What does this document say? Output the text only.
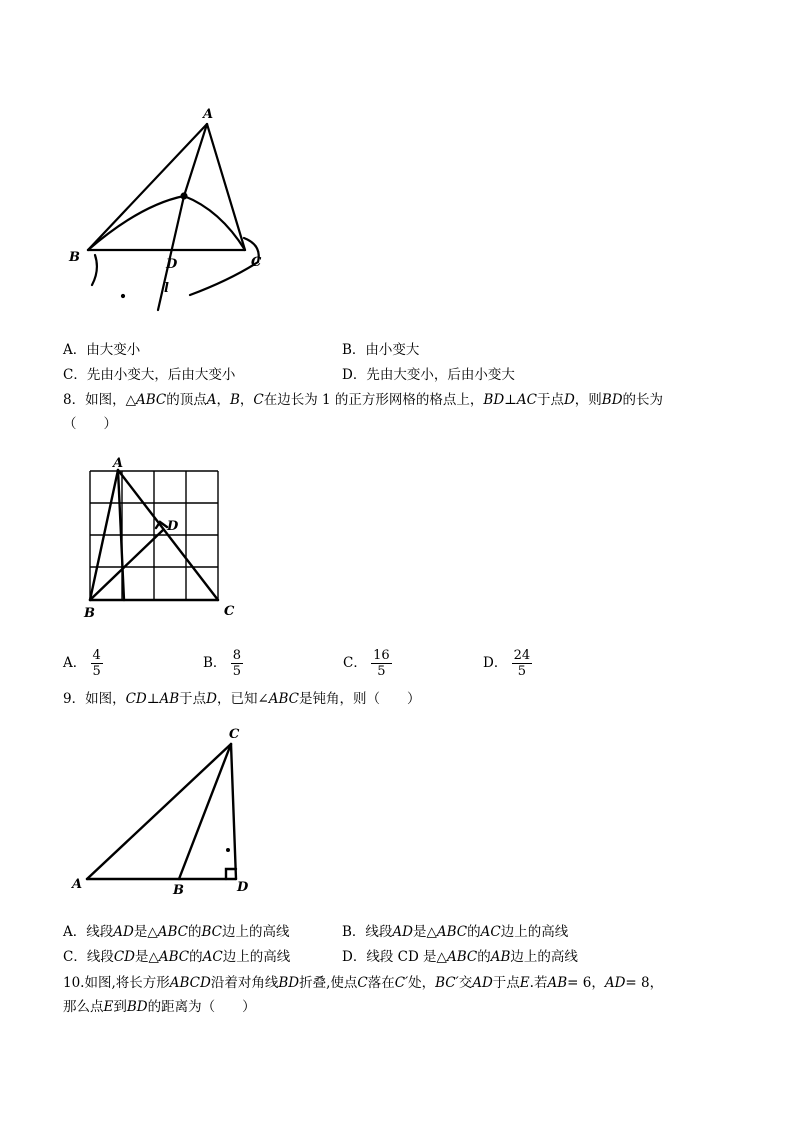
A
B	C
D
l
A．由大变小	B．由小变大
C．先由小变大，后由大变小	D．先由大变小，后由小变大
8．如图，△ABC的顶点A，B，C在边长为 1 的正方形网格的格点上，BD⊥AC于点D，则BD的长为
（　　）
A
B	C
D
A． $\frac{4}{5}$	B． $\frac{8}{5}$	C． $\frac{16}{5}$	D． $\frac{24}{5}$
9．如图，CD⊥AB于点D，已知∠ABC是钝角，则（　　）
A	B
C
D
A．线段AD是△ABC的BC边上的高线	B．线段AD是△ABC的AC边上的高线
C．线段CD是△ABC的AC边上的高线	D．线段 CD 是△ABC的AB边上的高线
10.如图,将长方形ABCD沿着对角线BD折叠,使点C落在C′处，BC′交AD于点E.若AB= 6，AD= 8，
那么点E到BD的距离为（　　）
